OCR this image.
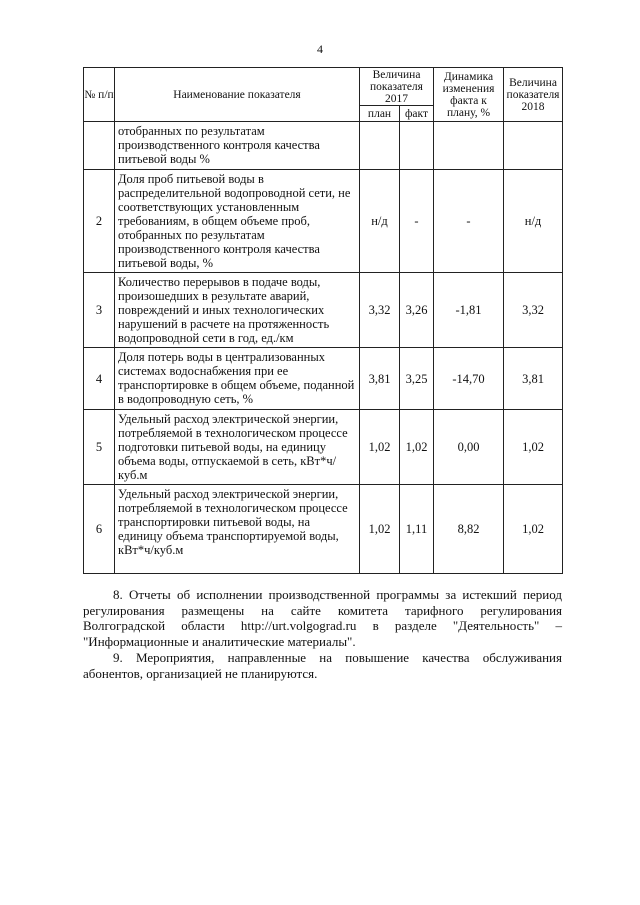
4
№ п/п	Наименование показателя	Величина показателя 2017		Динамика изменения факта к плану, %	Величина показателя 2018
		план	факт		
	отобранных по результатам производственного контроля качества питьевой воды %				
2	Доля проб питьевой воды в распределительной водопроводной сети, не соответствующих установленным требованиям, в общем объеме проб, отобранных по результатам производственного контроля качества питьевой воды, %	н/д	-	-	н/д
3	Количество перерывов в подаче воды, произошедших в результате аварий, повреждений и иных технологических нарушений в расчете на протяженность водопроводной сети в год, ед./км	3,32	3,26	-1,81	3,32
4	Доля потерь воды в централизованных системах водоснабжения при ее транспортировке в общем объеме, поданной в водопроводную сеть, %	3,81	3,25	-14,70	3,81
5	Удельный расход электрической энергии, потребляемой в технологическом процессе подготовки питьевой воды, на единицу объема воды, отпускаемой в сеть, кВт*ч/куб.м	1,02	1,02	0,00	1,02
6	Удельный расход электрической энергии, потребляемой в технологическом процессе транспортировки питьевой воды, на единицу объема транспортируемой воды, кВт*ч/куб.м	1,02	1,11	8,82	1,02
8. Отчеты об исполнении производственной программы за истекший период регулирования размещены на сайте комитета тарифного регулирования Волгоградской области http://urt.volgograd.ru в разделе "Деятельность" – "Информационные и аналитические материалы".
9. Мероприятия, направленные на повышение качества обслуживания абонентов, организацией не планируются.
